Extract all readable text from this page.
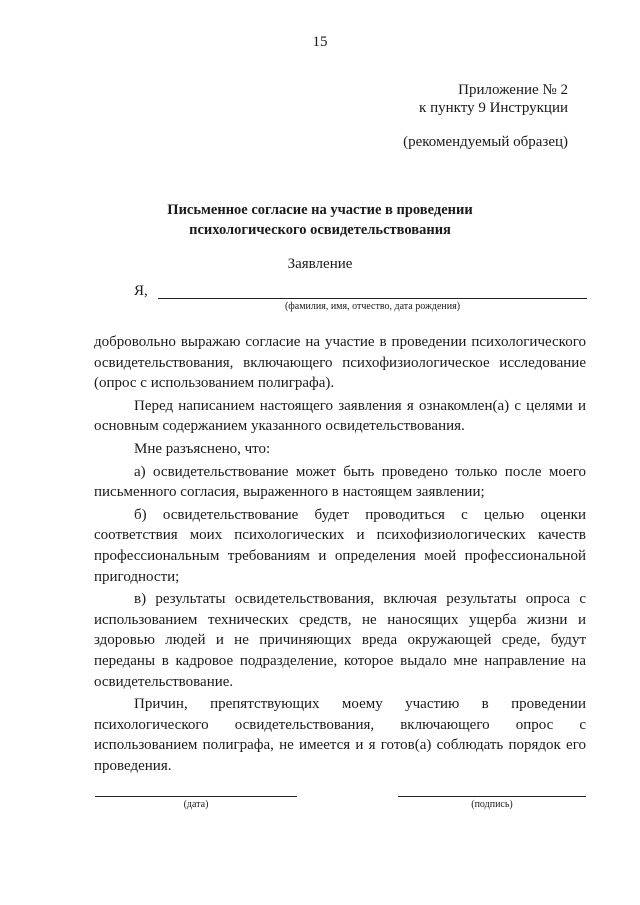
15
Приложение № 2
к пункту 9 Инструкции
(рекомендуемый образец)
Письменное согласие на участие в проведении
психологического освидетельствования
Заявление
Я,
(фамилия, имя, отчество, дата рождения)

добровольно выражаю согласие на участие в проведении психологического освидетельствования, включающего психофизиологическое исследование (опрос с использованием полиграфа).

Перед написанием настоящего заявления я ознакомлен(а) с целями и основным содержанием указанного освидетельствования.

Мне разъяснено, что:

а) освидетельствование может быть проведено только после моего письменного согласия, выраженного в настоящем заявлении;

б) освидетельствование будет проводиться с целью оценки соответствия моих психологических и психофизиологических качеств профессиональным требованиям и определения моей профессиональной пригодности;

в) результаты освидетельствования, включая результаты опроса с использованием технических средств, не наносящих ущерба жизни и здоровью людей и не причиняющих вреда окружающей среде, будут переданы в кадровое подразделение, которое выдало мне направление на освидетельствование.

Причин, препятствующих моему участию в проведении психологического освидетельствования, включающего опрос с использованием полиграфа, не имеется и я готов(а) соблюдать порядок его проведения.

(дата)	(подпись)
